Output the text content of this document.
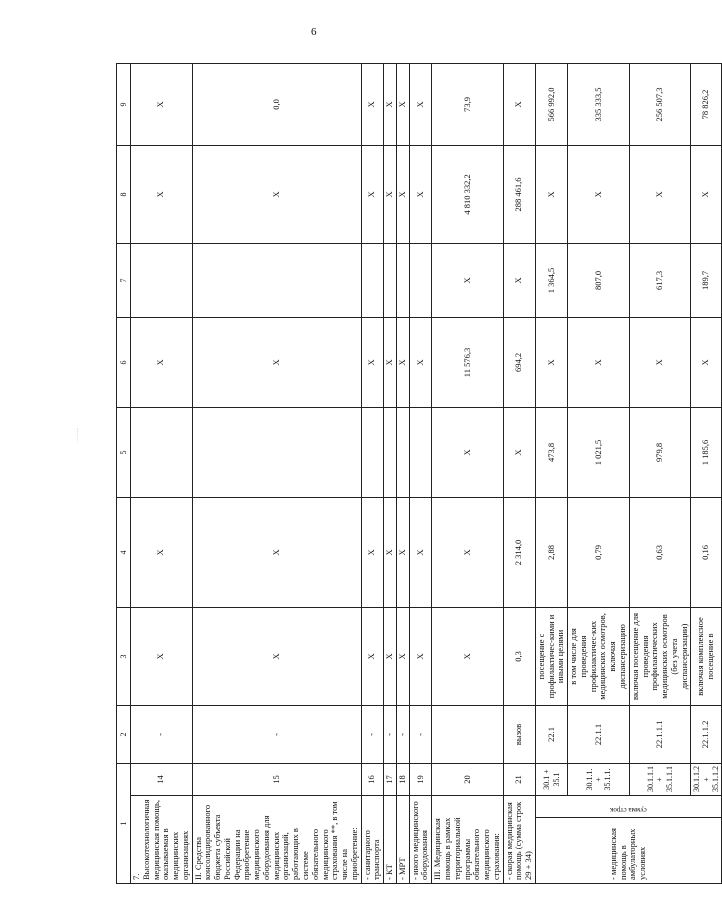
6
1			2	3	4	5	6	7	8	9	
7. Высокотехнологичная медицинская помощь, оказываемая в медицинских организациях		14	-	X	X		X		X	X	
II. Средства консолидированного бюджета субъекта Российской Федерации на приобретение медицинского оборудования для медицинских организаций, работающих в системе обязательного медицинского страхования **, в том числе на приобретение:		15	-	X	X		X		X	0,0	
- санитарного транспорта		16	-	X	X		X		X	X	
- КТ		17	-	X	X		X		X	X	
- МРТ		18	-	X	X		X		X	X	
- иного медицинского оборудования		19	-	X	X		X		X	X	
III. Медицинская помощь в рамках территориальной программы обязательного медицинского страхования:		20		X	X	X	11 576,3	X	4 810 332,2	73,9	
- скорая медицинская помощь (сумма строк 29 + 34)		21	вызов	0,3	2 314,0	X	694,2	X	288 461,6	X	
- медицинская помощь в амбулаторных условиях	сумма строк	30.1 + 35.1	22.1	посещение с профилактичес-кими и иными целями	2,88	473,8	X	1 364,5	X	566 992,0	
		30.1.1. + 35.1.1.	22.1.1	в том числе для проведения профилактичес-ких медицинских осмотров, включая диспансеризацию	0,79	1 021,5	X	807,0	X	335 333,5	
		30.1.1.1 + 35.1.1.1	22.1.1.1	включая посещение для проведения профилактических медицинских осмотров (без учета диспансеризации)	0,63	979,8	X	617,3	X	256 507,3	
		30.1.1.2 + 35.1.1.2	22.1.1.2	включая комплексное посещение в	0,16	1 185,6	X	189,7	X	78 826,2	
